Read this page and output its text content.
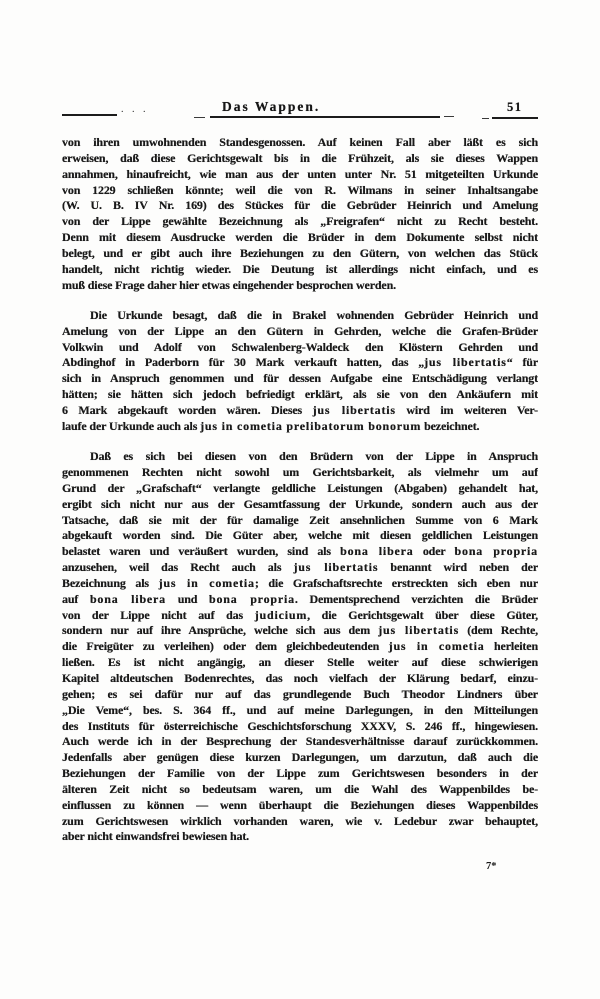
. . .	Das Wappen.	51
von ihren umwohnenden Standesgenossen. Auf keinen Fall aber läßt es sich
erweisen, daß diese Gerichtsgewalt bis in die Frühzeit, als sie dieses Wappen
annahmen, hinaufreicht, wie man aus der unten unter Nr. 51 mitgeteilten Urkunde
von 1229 schließen könnte; weil die von R. Wilmans in seiner Inhaltsangabe
(W. U. B. IV Nr. 169) des Stückes für die Gebrüder Heinrich und Amelung
von der Lippe gewählte Bezeichnung als „Freigrafen“ nicht zu Recht besteht.
Denn mit diesem Ausdrucke werden die Brüder in dem Dokumente selbst nicht
belegt, und er gibt auch ihre Beziehungen zu den Gütern, von welchen das Stück
handelt, nicht richtig wieder. Die Deutung ist allerdings nicht einfach, und es
muß diese Frage daher hier etwas eingehender besprochen werden.
Die Urkunde besagt, daß die in Brakel wohnenden Gebrüder Heinrich und
Amelung von der Lippe an den Gütern in Gehrden, welche die Grafen-Brüder
Volkwin und Adolf von Schwalenberg-Waldeck den Klöstern Gehrden und
Abdinghof in Paderborn für 30 Mark verkauft hatten, das „jus libertatis“ für
sich in Anspruch genommen und für dessen Aufgabe eine Entschädigung verlangt
hätten; sie hätten sich jedoch befriedigt erklärt, als sie von den Ankäufern mit
6 Mark abgekauft worden wären. Dieses jus libertatis wird im weiteren Ver-
laufe der Urkunde auch als jus in cometia prelibatorum bonorum bezeichnet.
Daß es sich bei diesen von den Brüdern von der Lippe in Anspruch
genommenen Rechten nicht sowohl um Gerichtsbarkeit, als vielmehr um auf
Grund der „Grafschaft“ verlangte geldliche Leistungen (Abgaben) gehandelt hat,
ergibt sich nicht nur aus der Gesamtfassung der Urkunde, sondern auch aus der
Tatsache, daß sie mit der für damalige Zeit ansehnlichen Summe von 6 Mark
abgekauft worden sind. Die Güter aber, welche mit diesen geldlichen Leistungen
belastet waren und veräußert wurden, sind als bona libera oder bona propria
anzusehen, weil das Recht auch als jus libertatis benannt wird neben der
Bezeichnung als jus in cometia; die Grafschaftsrechte erstreckten sich eben nur
auf bona libera und bona propria. Dementsprechend verzichten die Brüder
von der Lippe nicht auf das judicium, die Gerichtsgewalt über diese Güter,
sondern nur auf ihre Ansprüche, welche sich aus dem jus libertatis (dem Rechte,
die Freigüter zu verleihen) oder dem gleichbedeutenden jus in cometia herleiten
ließen. Es ist nicht angängig, an dieser Stelle weiter auf diese schwierigen
Kapitel altdeutschen Bodenrechtes, das noch vielfach der Klärung bedarf, einzu-
gehen; es sei dafür nur auf das grundlegende Buch Theodor Lindners über
„Die Veme“, bes. S. 364 ff., und auf meine Darlegungen, in den Mitteilungen
des Instituts für österreichische Geschichtsforschung XXXV, S. 246 ff., hingewiesen.
Auch werde ich in der Besprechung der Standesverhältnisse darauf zurückkommen.
Jedenfalls aber genügen diese kurzen Darlegungen, um darzutun, daß auch die
Beziehungen der Familie von der Lippe zum Gerichtswesen besonders in der
älteren Zeit nicht so bedeutsam waren, um die Wahl des Wappenbildes be-
einflussen zu können — wenn überhaupt die Beziehungen dieses Wappenbildes
zum Gerichtswesen wirklich vorhanden waren, wie v. Ledebur zwar behauptet,
aber nicht einwandsfrei bewiesen hat.
7*
